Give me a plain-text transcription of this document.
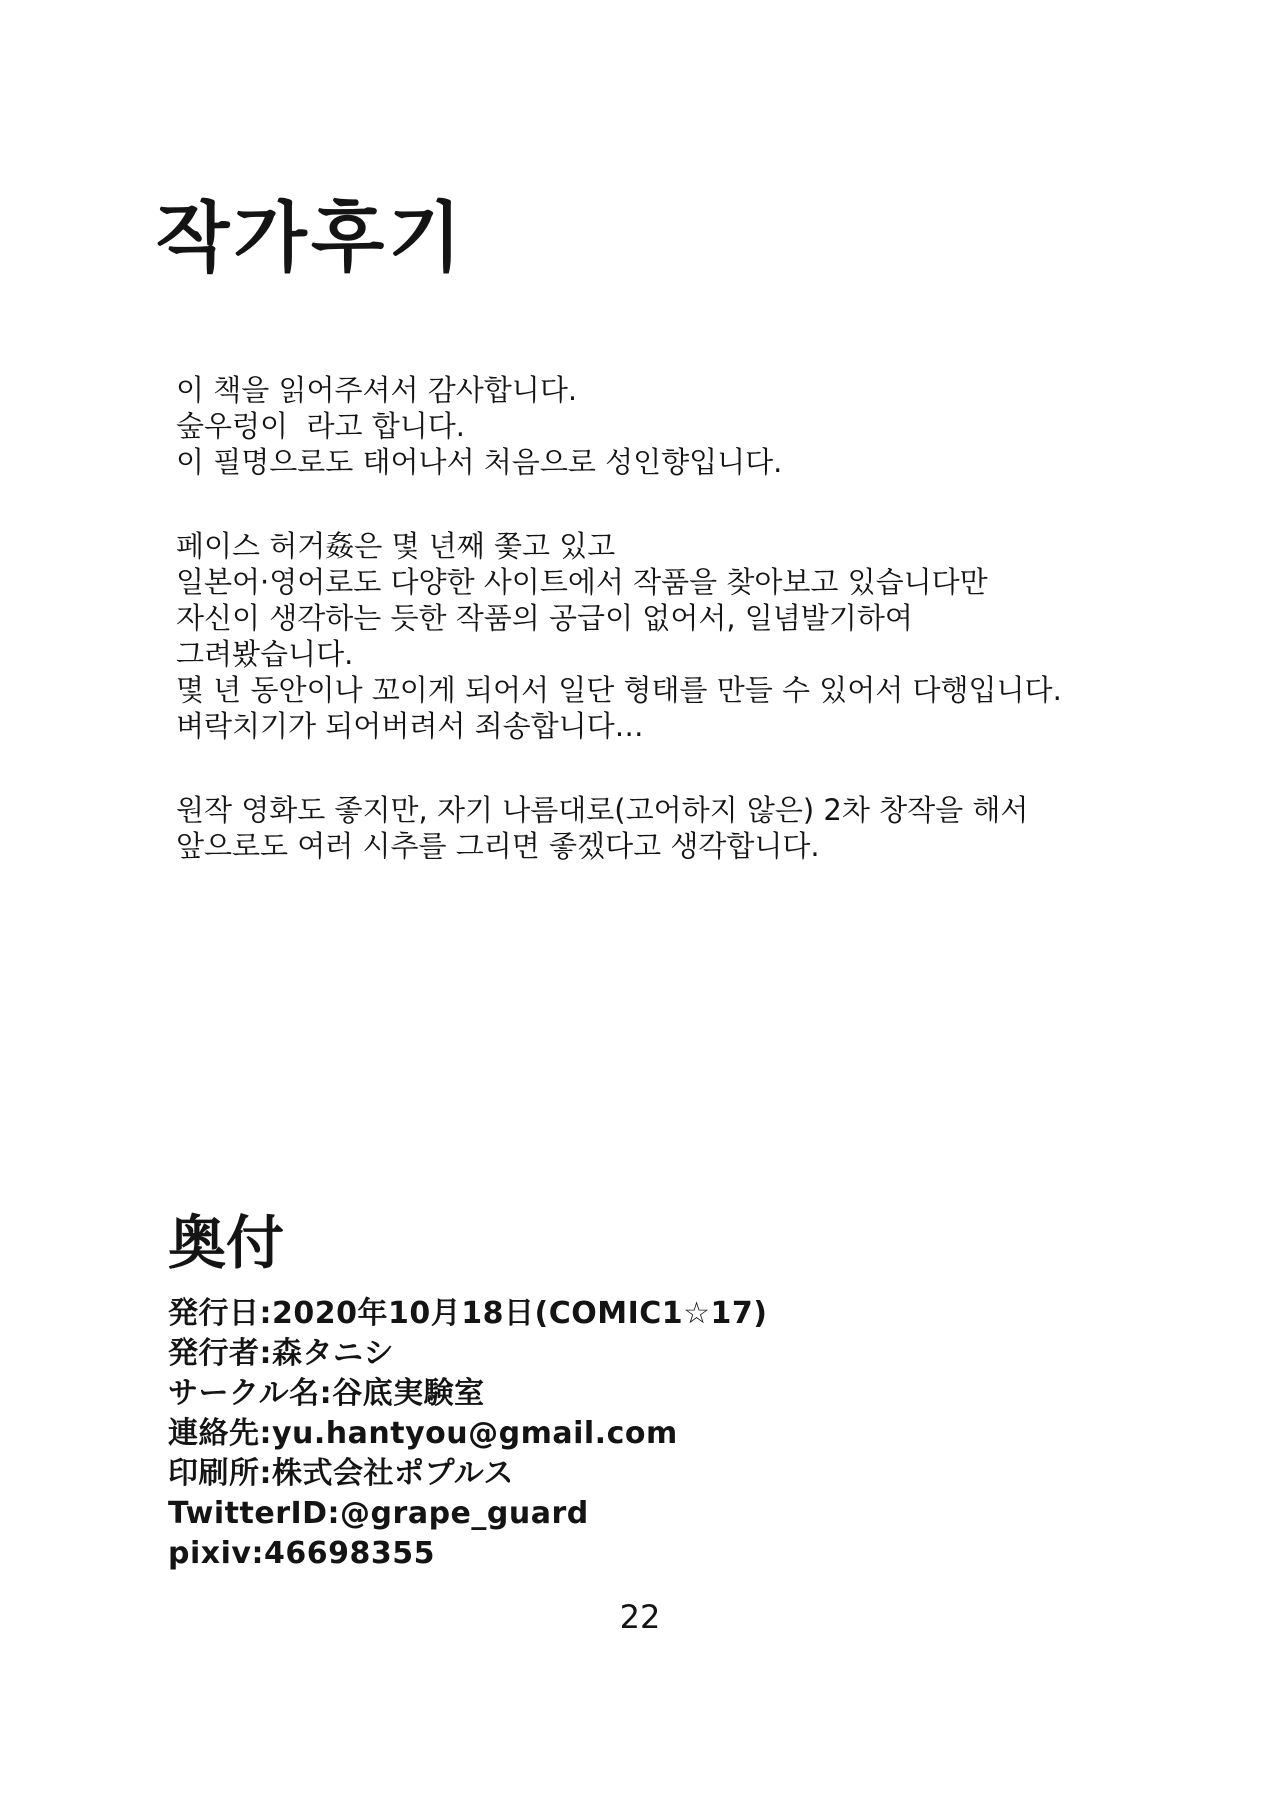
작가후기

이 책을 읽어주셔서 감사합니다.
숲우렁이  라고 합니다.
이 필명으로도 태어나서 처음으로 성인향입니다.

페이스 허거姦은 몇 년째 쫓고 있고
일본어·영어로도 다양한 사이트에서 작품을 찾아보고 있습니다만
자신이 생각하는 듯한 작품의 공급이 없어서, 일념발기하여
그려봤습니다.
몇 년 동안이나 꼬이게 되어서 일단 형태를 만들 수 있어서 다행입니다.
벼락치기가 되어버려서 죄송합니다…

원작 영화도 좋지만, 자기 나름대로(고어하지 않은) 2차 창작을 해서
앞으로도 여러 시추를 그리면 좋겠다고 생각합니다.

奥付
発行日:2020年10月18日(COMIC1☆17)
発行者:森タニシ
サークル名:谷底実験室
連絡先:yu.hantyou@gmail.com
印刷所:株式会社ポプルス
TwitterID:@grape_guard
pixiv:46698355
22
